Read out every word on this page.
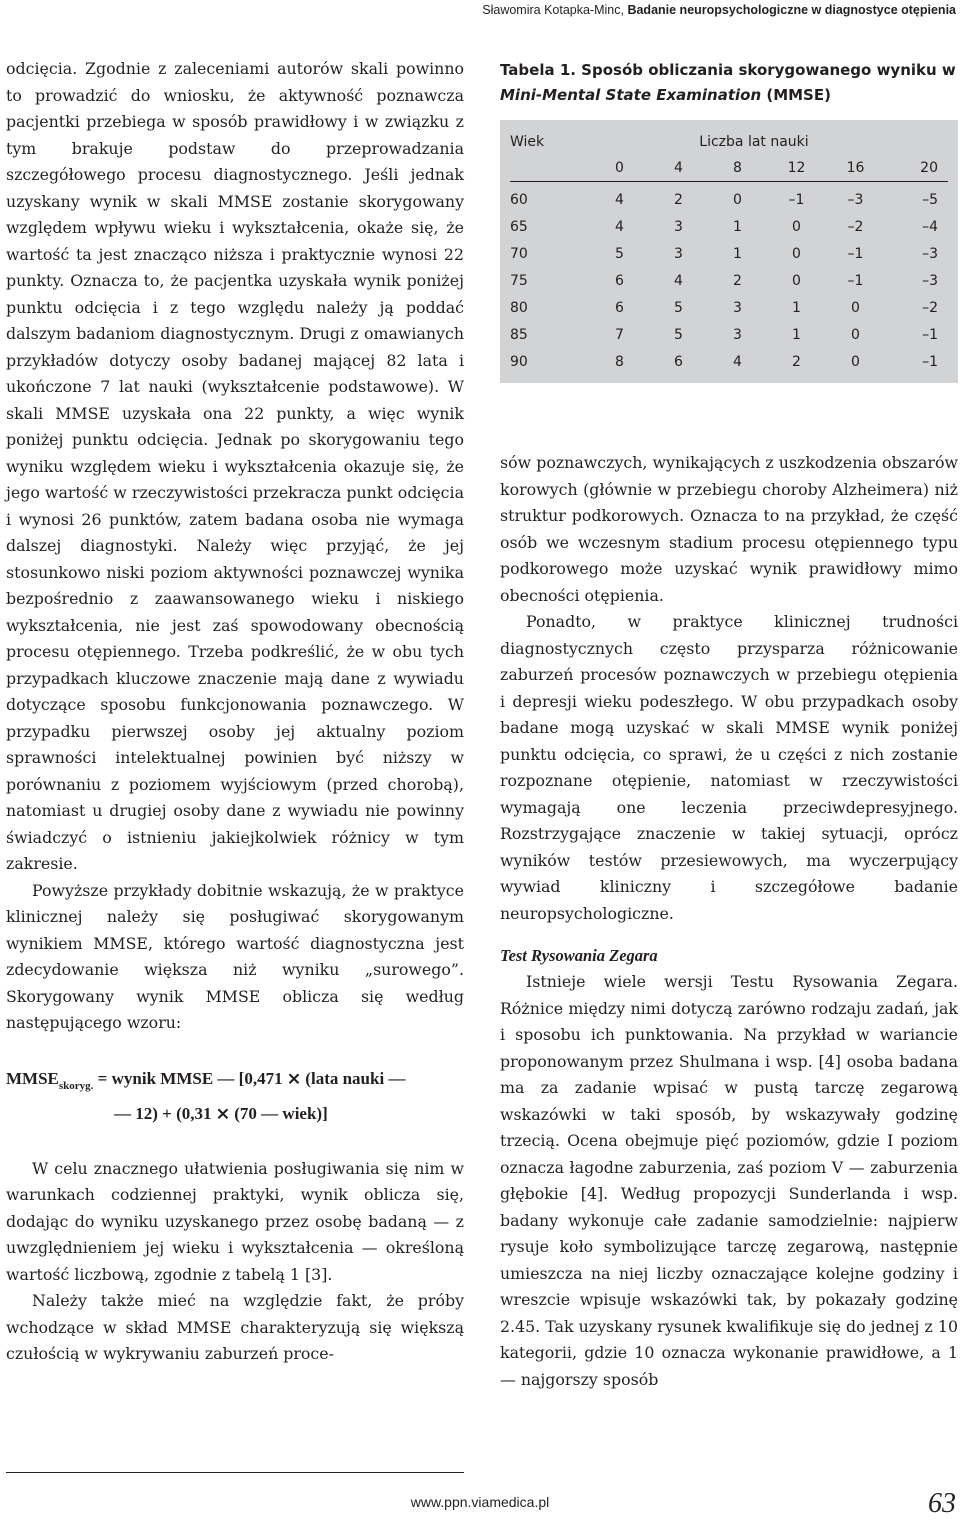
Sławomira Kotapka-Minc, Badanie neuropsychologiczne w diagnostyce otępienia

odcięcia. Zgodnie z zaleceniami autorów skali powinno to prowadzić do wniosku, że aktywność poznawcza pacjentki przebiega w sposób prawidłowy i w związku z tym brakuje podstaw do przeprowadzania szczegółowego procesu diagnostycznego. Jeśli jednak uzyskany wynik w skali MMSE zostanie skorygowany względem wpływu wieku i wykształcenia, okaże się, że wartość ta jest znacząco niższa i praktycznie wynosi 22 punkty. Oznacza to, że pacjentka uzyskała wynik poniżej punktu odcięcia i z tego względu należy ją poddać dalszym badaniom diagnostycznym. Drugi z omawianych przykładów dotyczy osoby badanej mającej 82 lata i ukończone 7 lat nauki (wykształcenie podstawowe). W skali MMSE uzyskała ona 22 punkty, a więc wynik poniżej punktu odcięcia. Jednak po skorygowaniu tego wyniku względem wieku i wykształcenia okazuje się, że jego wartość w rzeczywistości przekracza punkt odcięcia i wynosi 26 punktów, zatem badana osoba nie wymaga dalszej diagnostyki. Należy więc przyjąć, że jej stosunkowo niski poziom aktywności poznawczej wynika bezpośrednio z zaawansowanego wieku i niskiego wykształcenia, nie jest zaś spowodowany obecnością procesu otępiennego. Trzeba podkreślić, że w obu tych przypadkach kluczowe znaczenie mają dane z wywiadu dotyczące sposobu funkcjonowania poznawczego. W przypadku pierwszej osoby jej aktualny poziom sprawności intelektualnej powinien być niższy w porównaniu z poziomem wyjściowym (przed chorobą), natomiast u drugiej osoby dane z wywiadu nie powinny świadczyć o istnieniu jakiejkolwiek różnicy w tym zakresie.

Powyższe przykłady dobitnie wskazują, że w praktyce klinicznej należy się posługiwać skorygowanym wynikiem MMSE, którego wartość diagnostyczna jest zdecydowanie większa niż wyniku „surowego”. Skorygowany wynik MMSE oblicza się według następującego wzoru:

$MMSE_{skoryg.}$ = wynik MMSE — [0,471 ⨯ (lata nauki —
— 12) + (0,31 ⨯ (70 — wiek)]

W celu znacznego ułatwienia posługiwania się nim w warunkach codziennej praktyki, wynik oblicza się, dodając do wyniku uzyskanego przez osobę badaną — z uwzględnieniem jej wieku i wykształcenia — określoną wartość liczbową, zgodnie z tabelą 1 [3].

Należy także mieć na względzie fakt, że próby wchodzące w skład MMSE charakteryzują się większą czułością w wykrywaniu zaburzeń proce-

Tabela 1. Sposób obliczania skorygowanego wyniku w Mini-Mental State Examination (MMSE)
Wiek	Liczba lat nauki
0	4	8	12	16	20
60	4	2	0	–1	–3	–5
65	4	3	1	0	–2	–4
70	5	3	1	0	–1	–3
75	6	4	2	0	–1	–3
80	6	5	3	1	0	–2
85	7	5	3	1	0	–1
90	8	6	4	2	0	–1

sów poznawczych, wynikających z uszkodzenia obszarów korowych (głównie w przebiegu choroby Alzheimera) niż struktur podkorowych. Oznacza to na przykład, że część osób we wczesnym stadium procesu otępiennego typu podkorowego może uzyskać wynik prawidłowy mimo obecności otępienia.

Ponadto, w praktyce klinicznej trudności diagnostycznych często przysparza różnicowanie zaburzeń procesów poznawczych w przebiegu otępienia i depresji wieku podeszłego. W obu przypadkach osoby badane mogą uzyskać w skali MMSE wynik poniżej punktu odcięcia, co sprawi, że u części z nich zostanie rozpoznane otępienie, natomiast w rzeczywistości wymagają one leczenia przeciwdepresyjnego. Rozstrzygające znaczenie w takiej sytuacji, oprócz wyników testów przesiewowych, ma wyczerpujący wywiad kliniczny i szczegółowe badanie neuropsychologiczne.

Test Rysowania Zegara

Istnieje wiele wersji Testu Rysowania Zegara. Różnice między nimi dotyczą zarówno rodzaju zadań, jak i sposobu ich punktowania. Na przykład w wariancie proponowanym przez Shulmana i wsp. [4] osoba badana ma za zadanie wpisać w pustą tarczę zegarową wskazówki w taki sposób, by wskazywały godzinę trzecią. Ocena obejmuje pięć poziomów, gdzie I poziom oznacza łagodne zaburzenia, zaś poziom V — zaburzenia głębokie [4]. Według propozycji Sunderlanda i wsp. badany wykonuje całe zadanie samodzielnie: najpierw rysuje koło symbolizujące tarczę zegarową, następnie umieszcza na niej liczby oznaczające kolejne godziny i wreszcie wpisuje wskazówki tak, by pokazały godzinę 2.45. Tak uzyskany rysunek kwalifikuje się do jednej z 10 kategorii, gdzie 10 oznacza wykonanie prawidłowe, a 1 — najgorszy sposób

www.ppn.viamedica.pl	63
